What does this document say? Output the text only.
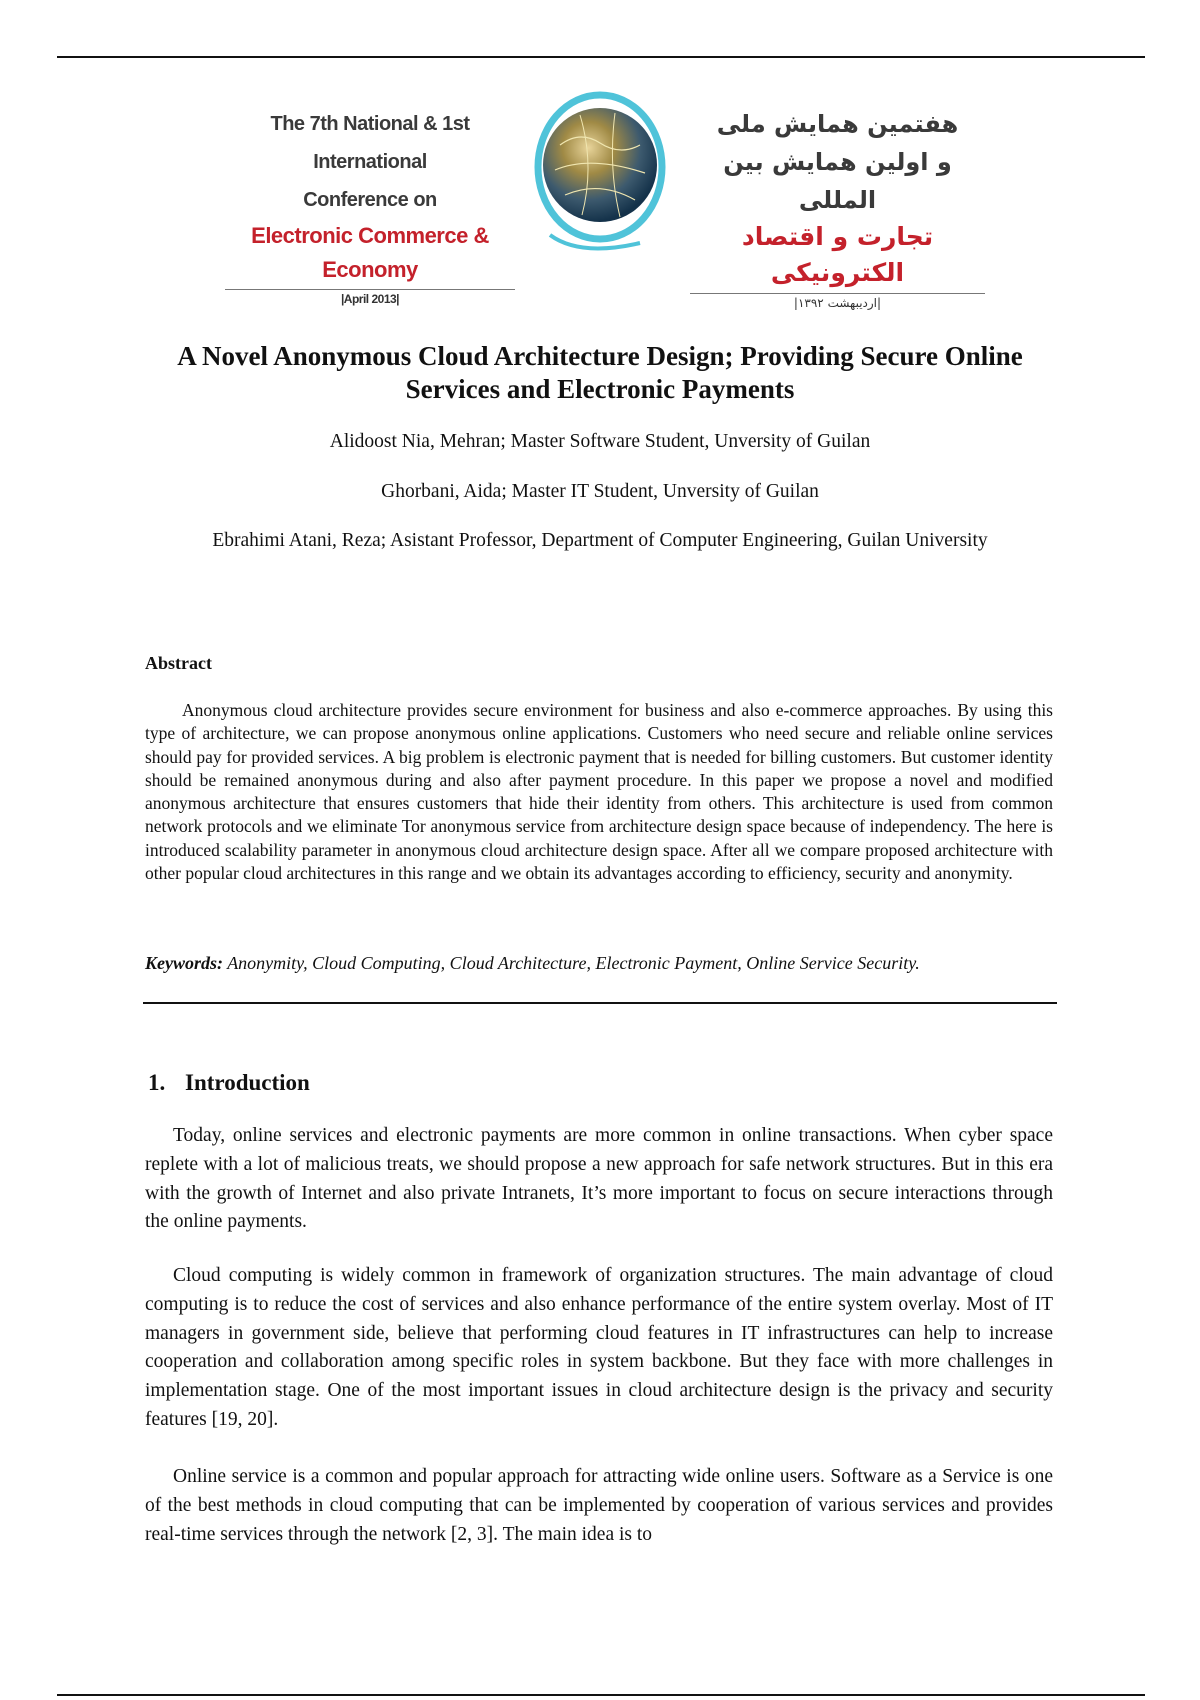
The 7th National & 1st International
Conference on
Electronic Commerce & Economy
|April 2013|
هفتمین همایش ملی
و اولین همایش بین المللی
تجارت و اقتصاد الکترونیکی
|اردیبهشت ۱۳۹۲|
A Novel Anonymous Cloud Architecture Design; Providing Secure Online Services and Electronic Payments
Alidoost Nia, Mehran; Master Software Student, Unversity of Guilan
Ghorbani, Aida; Master IT Student, Unversity of Guilan
Ebrahimi Atani, Reza; Asistant Professor, Department of Computer Engineering, Guilan University
Abstract
Anonymous cloud architecture provides secure environment for business and also e-commerce approaches. By using this type of architecture, we can propose anonymous online applications. Customers who need secure and reliable online services should pay for provided services. A big problem is electronic payment that is needed for billing customers. But customer identity should be remained anonymous during and also after payment procedure. In this paper we propose a novel and modified anonymous architecture that ensures customers that hide their identity from others. This architecture is used from common network protocols and we eliminate Tor anonymous service from architecture design space because of independency. The here is introduced scalability parameter in anonymous cloud architecture design space. After all we compare proposed architecture with other popular cloud architectures in this range and we obtain its advantages according to efficiency, security and anonymity.
Keywords: Anonymity, Cloud Computing, Cloud Architecture, Electronic Payment, Online Service Security.
1. Introduction
Today, online services and electronic payments are more common in online transactions. When cyber space replete with a lot of malicious treats, we should propose a new approach for safe network structures. But in this era with the growth of Internet and also private Intranets, It’s more important to focus on secure interactions through the online payments.
Cloud computing is widely common in framework of organization structures. The main advantage of cloud computing is to reduce the cost of services and also enhance performance of the entire system overlay. Most of IT managers in government side, believe that performing cloud features in IT infrastructures can help to increase cooperation and collaboration among specific roles in system backbone. But they face with more challenges in implementation stage. One of the most important issues in cloud architecture design is the privacy and security features [19, 20].
Online service is a common and popular approach for attracting wide online users. Software as a Service is one of the best methods in cloud computing that can be implemented by cooperation of various services and provides real-time services through the network [2, 3]. The main idea is to
